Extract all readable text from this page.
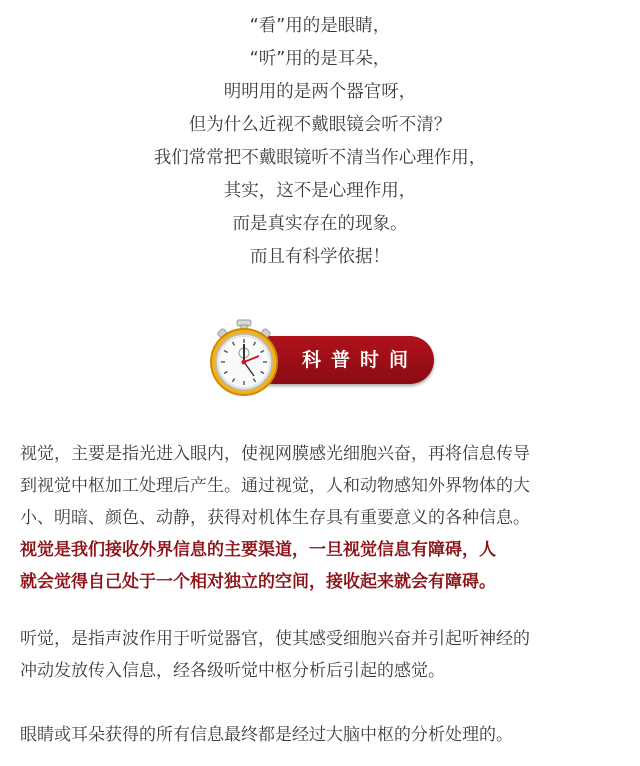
“看”用的是眼睛，
“听”用的是耳朵，
明明用的是两个器官呀，
但为什么近视不戴眼镜会听不清？
我们常常把不戴眼镜听不清当作心理作用，
其实，这不是心理作用，
而是真实存在的现象。
而且有科学依据！
科普时间
视觉，主要是指光进入眼内，使视网膜感光细胞兴奋，再将信息传导
到视觉中枢加工处理后产生。通过视觉，人和动物感知外界物体的大
小、明暗、颜色、动静，获得对机体生存具有重要意义的各种信息。
视觉是我们接收外界信息的主要渠道，一旦视觉信息有障碍，人
就会觉得自己处于一个相对独立的空间，接收起来就会有障碍。
听觉，是指声波作用于听觉器官，使其感受细胞兴奋并引起听神经的
冲动发放传入信息，经各级听觉中枢分析后引起的感觉。
眼睛或耳朵获得的所有信息最终都是经过大脑中枢的分析处理的。
